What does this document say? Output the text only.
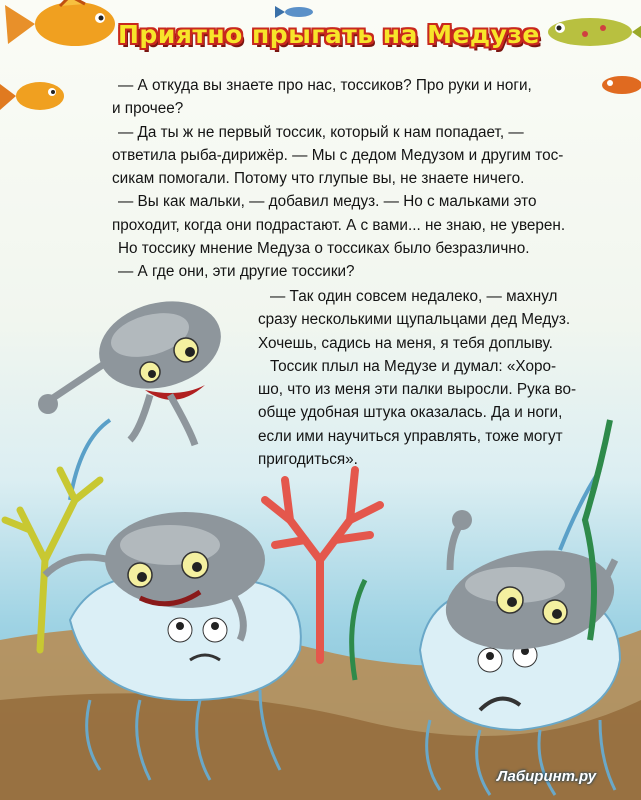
Приятно прыгать на Медузе

— А откуда вы знаете про нас, тоссиков? Про руки и ноги,

и прочее?

— Да ты ж не первый тоссик, который к нам попадает, —

ответила рыба-дирижёр. — Мы с дедом Медузом и другим тос-

сикам помогали. Потому что глупые вы, не знаете ничего.

— Вы как мальки, — добавил медуз. — Но с мальками это

проходит, когда они подрастают. А с вами... не знаю, не уверен.

Но тоссику мнение Медуза о тоссиках было безразлично.

— А где они, эти другие тоссики?

— Так один совсем недалеко, — махнул

сразу несколькими щупальцами дед Медуз.

Хочешь, садись на меня, я тебя доплыву.

Тоссик плыл на Медузе и думал: «Хоро-

шо, что из меня эти палки выросли. Рука во-

обще удобная штука оказалась. Да и ноги,

если ими научиться управлять, тоже могут

пригодиться».

Лабиринт.ру
